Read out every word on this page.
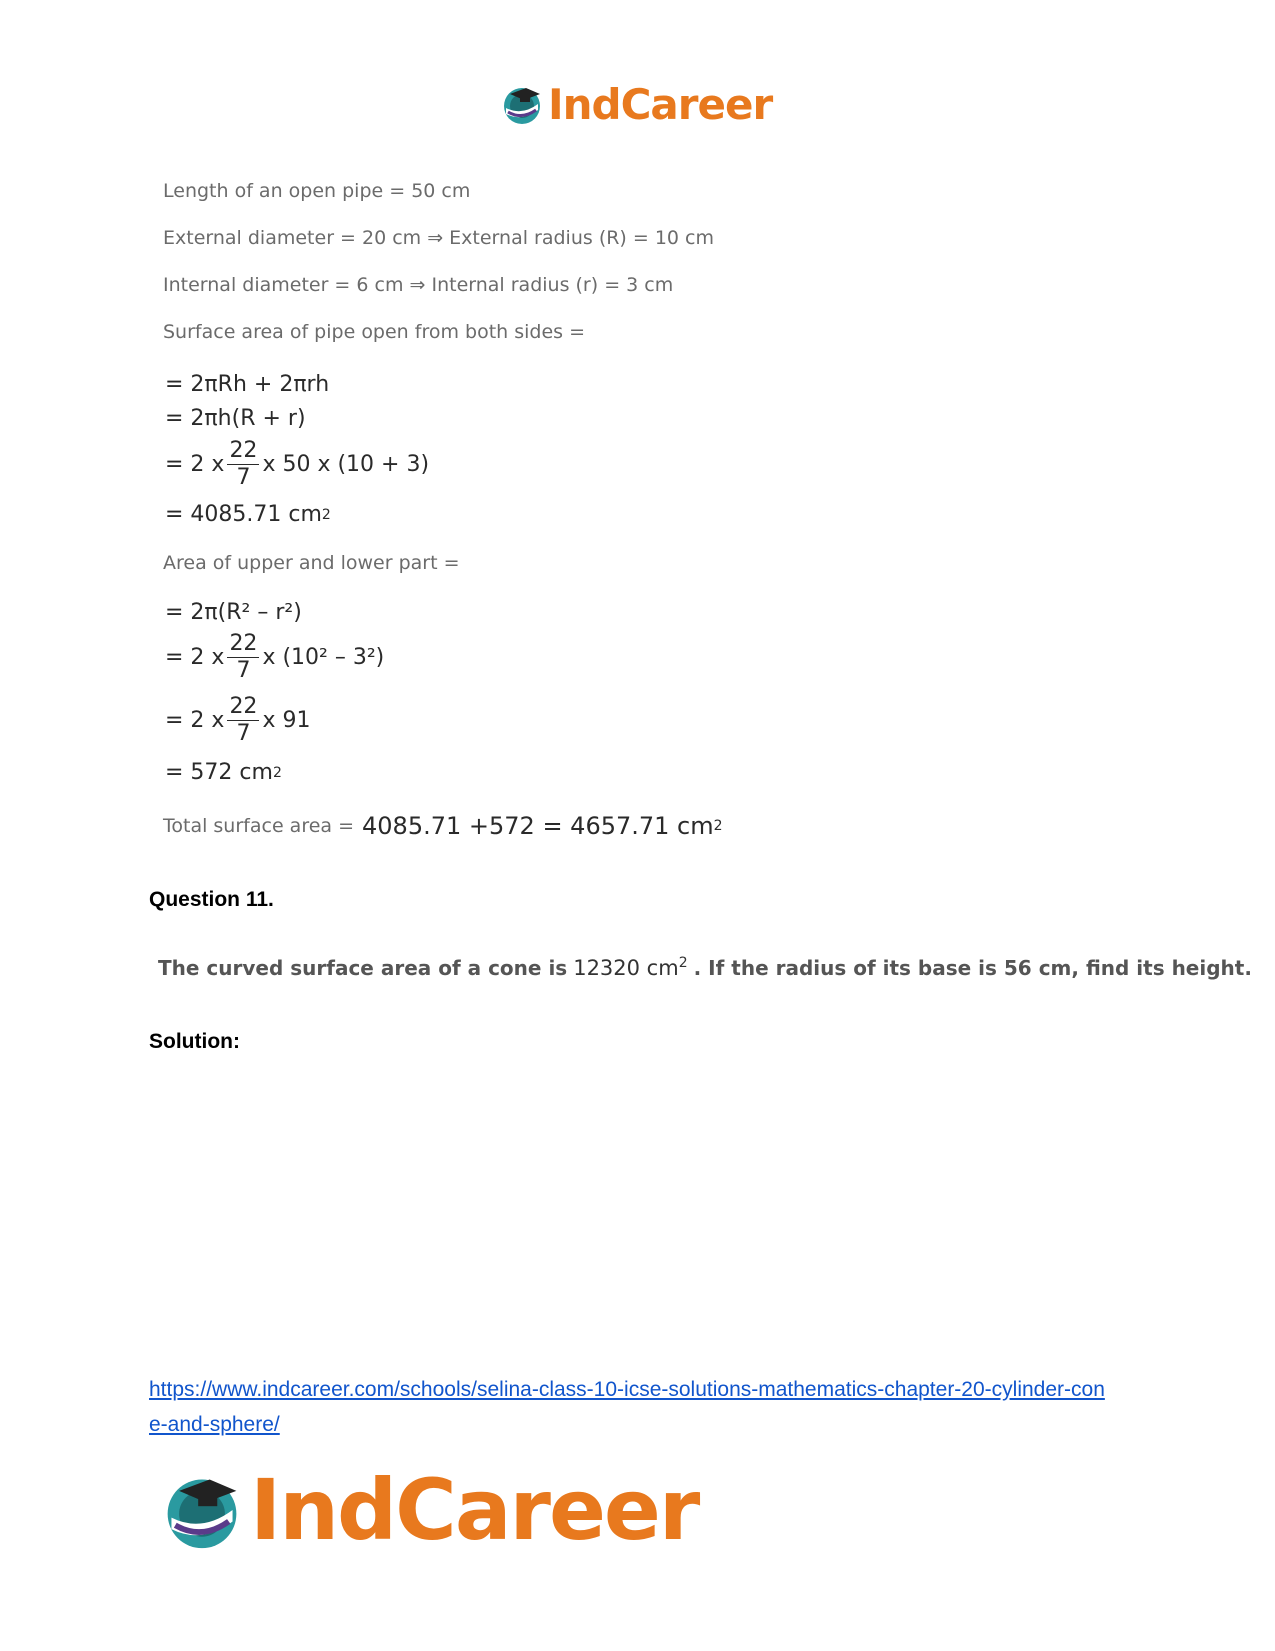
IndCareer
Length of an open pipe = 50 cm
External diameter = 20 cm ⇒ External radius (R) = 10 cm
Internal diameter = 6 cm ⇒ Internal radius (r) = 3 cm
Surface area of pipe open from both sides =
= 2πRh + 2πrh
= 2πh(R + r)
= 2 x $\frac{22}{7}$ x 50 x (10 + 3)
= 4085.71 cm 2
Area of upper and lower part =
= 2π(R² – r²)
= 2 x $\frac{22}{7}$ x (10² – 3²)
= 2 x $\frac{22}{7}$ x 91
= 572 cm 2
Total surface area = 4085.71 +572 = 4657.71 cm 2
Question 11.
The curved surface area of a cone is 12320 $cm^2$ . If the radius of its base is 56 cm, find its height.
Solution:
https://www.indcareer.com/schools/selina-class-10-icse-solutions-mathematics-chapter-20-cylinder-cone-and-sphere/
IndCareer
